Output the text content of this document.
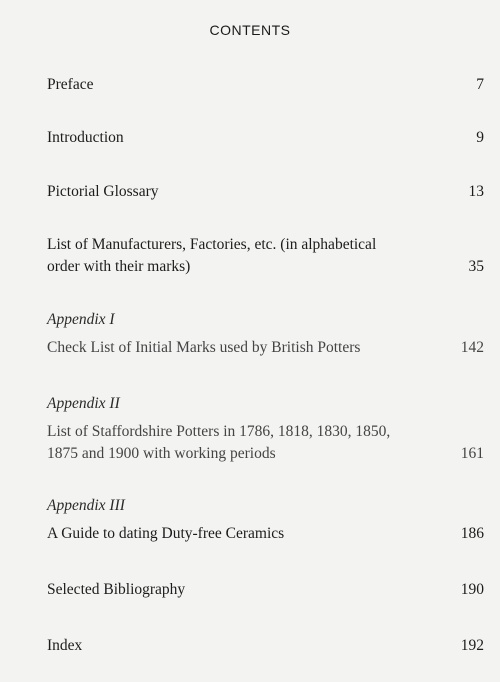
CONTENTS
Preface	7
Introduction	9
Pictorial Glossary	13
List of Manufacturers, Factories, etc. (in alphabetical
order with their marks)	35
Appendix I
Check List of Initial Marks used by British Potters	142
Appendix II
List of Staffordshire Potters in 1786, 1818, 1830, 1850,
1875 and 1900 with working periods	161
Appendix III
A Guide to dating Duty-free Ceramics	186
Selected Bibliography	190
Index	192
